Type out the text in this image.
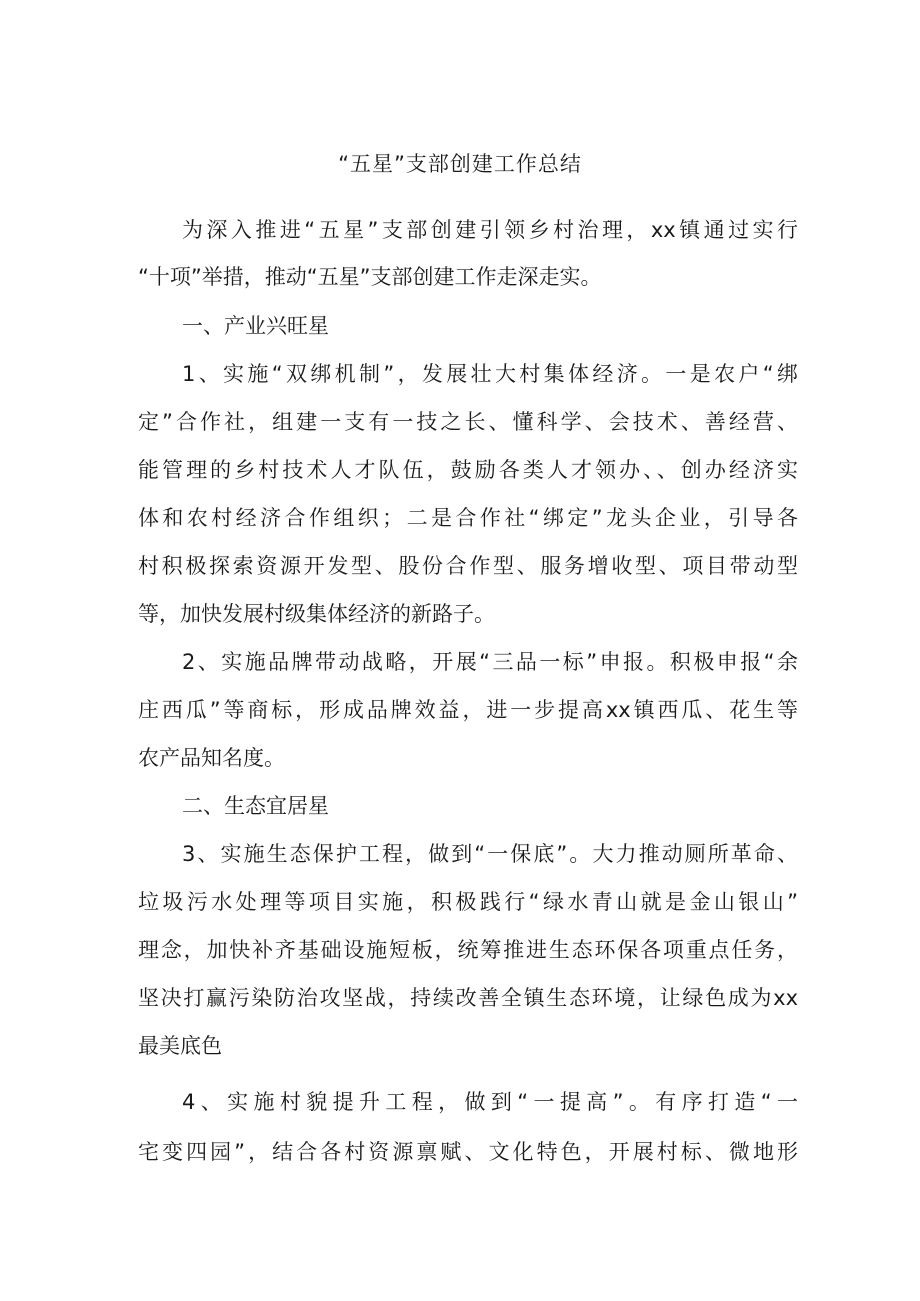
“五星”支部创建工作总结
为深入推进“五星”支部创建引领乡村治理，xx镇通过实行
“十项”举措，推动“五星”支部创建工作走深走实。
一、产业兴旺星
1、实施“双绑机制”，发展壮大村集体经济。一是农户“绑
定”合作社，组建一支有一技之长、懂科学、会技术、善经营、
能管理的乡村技术人才队伍，鼓励各类人才领办、、创办经济实
体和农村经济合作组织；二是合作社“绑定”龙头企业，引导各
村积极探索资源开发型、股份合作型、服务增收型、项目带动型
等，加快发展村级集体经济的新路子。
2、实施品牌带动战略，开展“三品一标”申报。积极申报“余
庄西瓜”等商标，形成品牌效益，进一步提高xx镇西瓜、花生等
农产品知名度。
二、生态宜居星
3、实施生态保护工程，做到“一保底”。大力推动厕所革命、
垃圾污水处理等项目实施，积极践行“绿水青山就是金山银山”
理念，加快补齐基础设施短板，统筹推进生态环保各项重点任务，
坚决打赢污染防治攻坚战，持续改善全镇生态环境，让绿色成为xx
最美底色
4、实施村貌提升工程，做到“一提高”。有序打造“一
宅变四园”，结合各村资源禀赋、文化特色，开展村标、微地形
